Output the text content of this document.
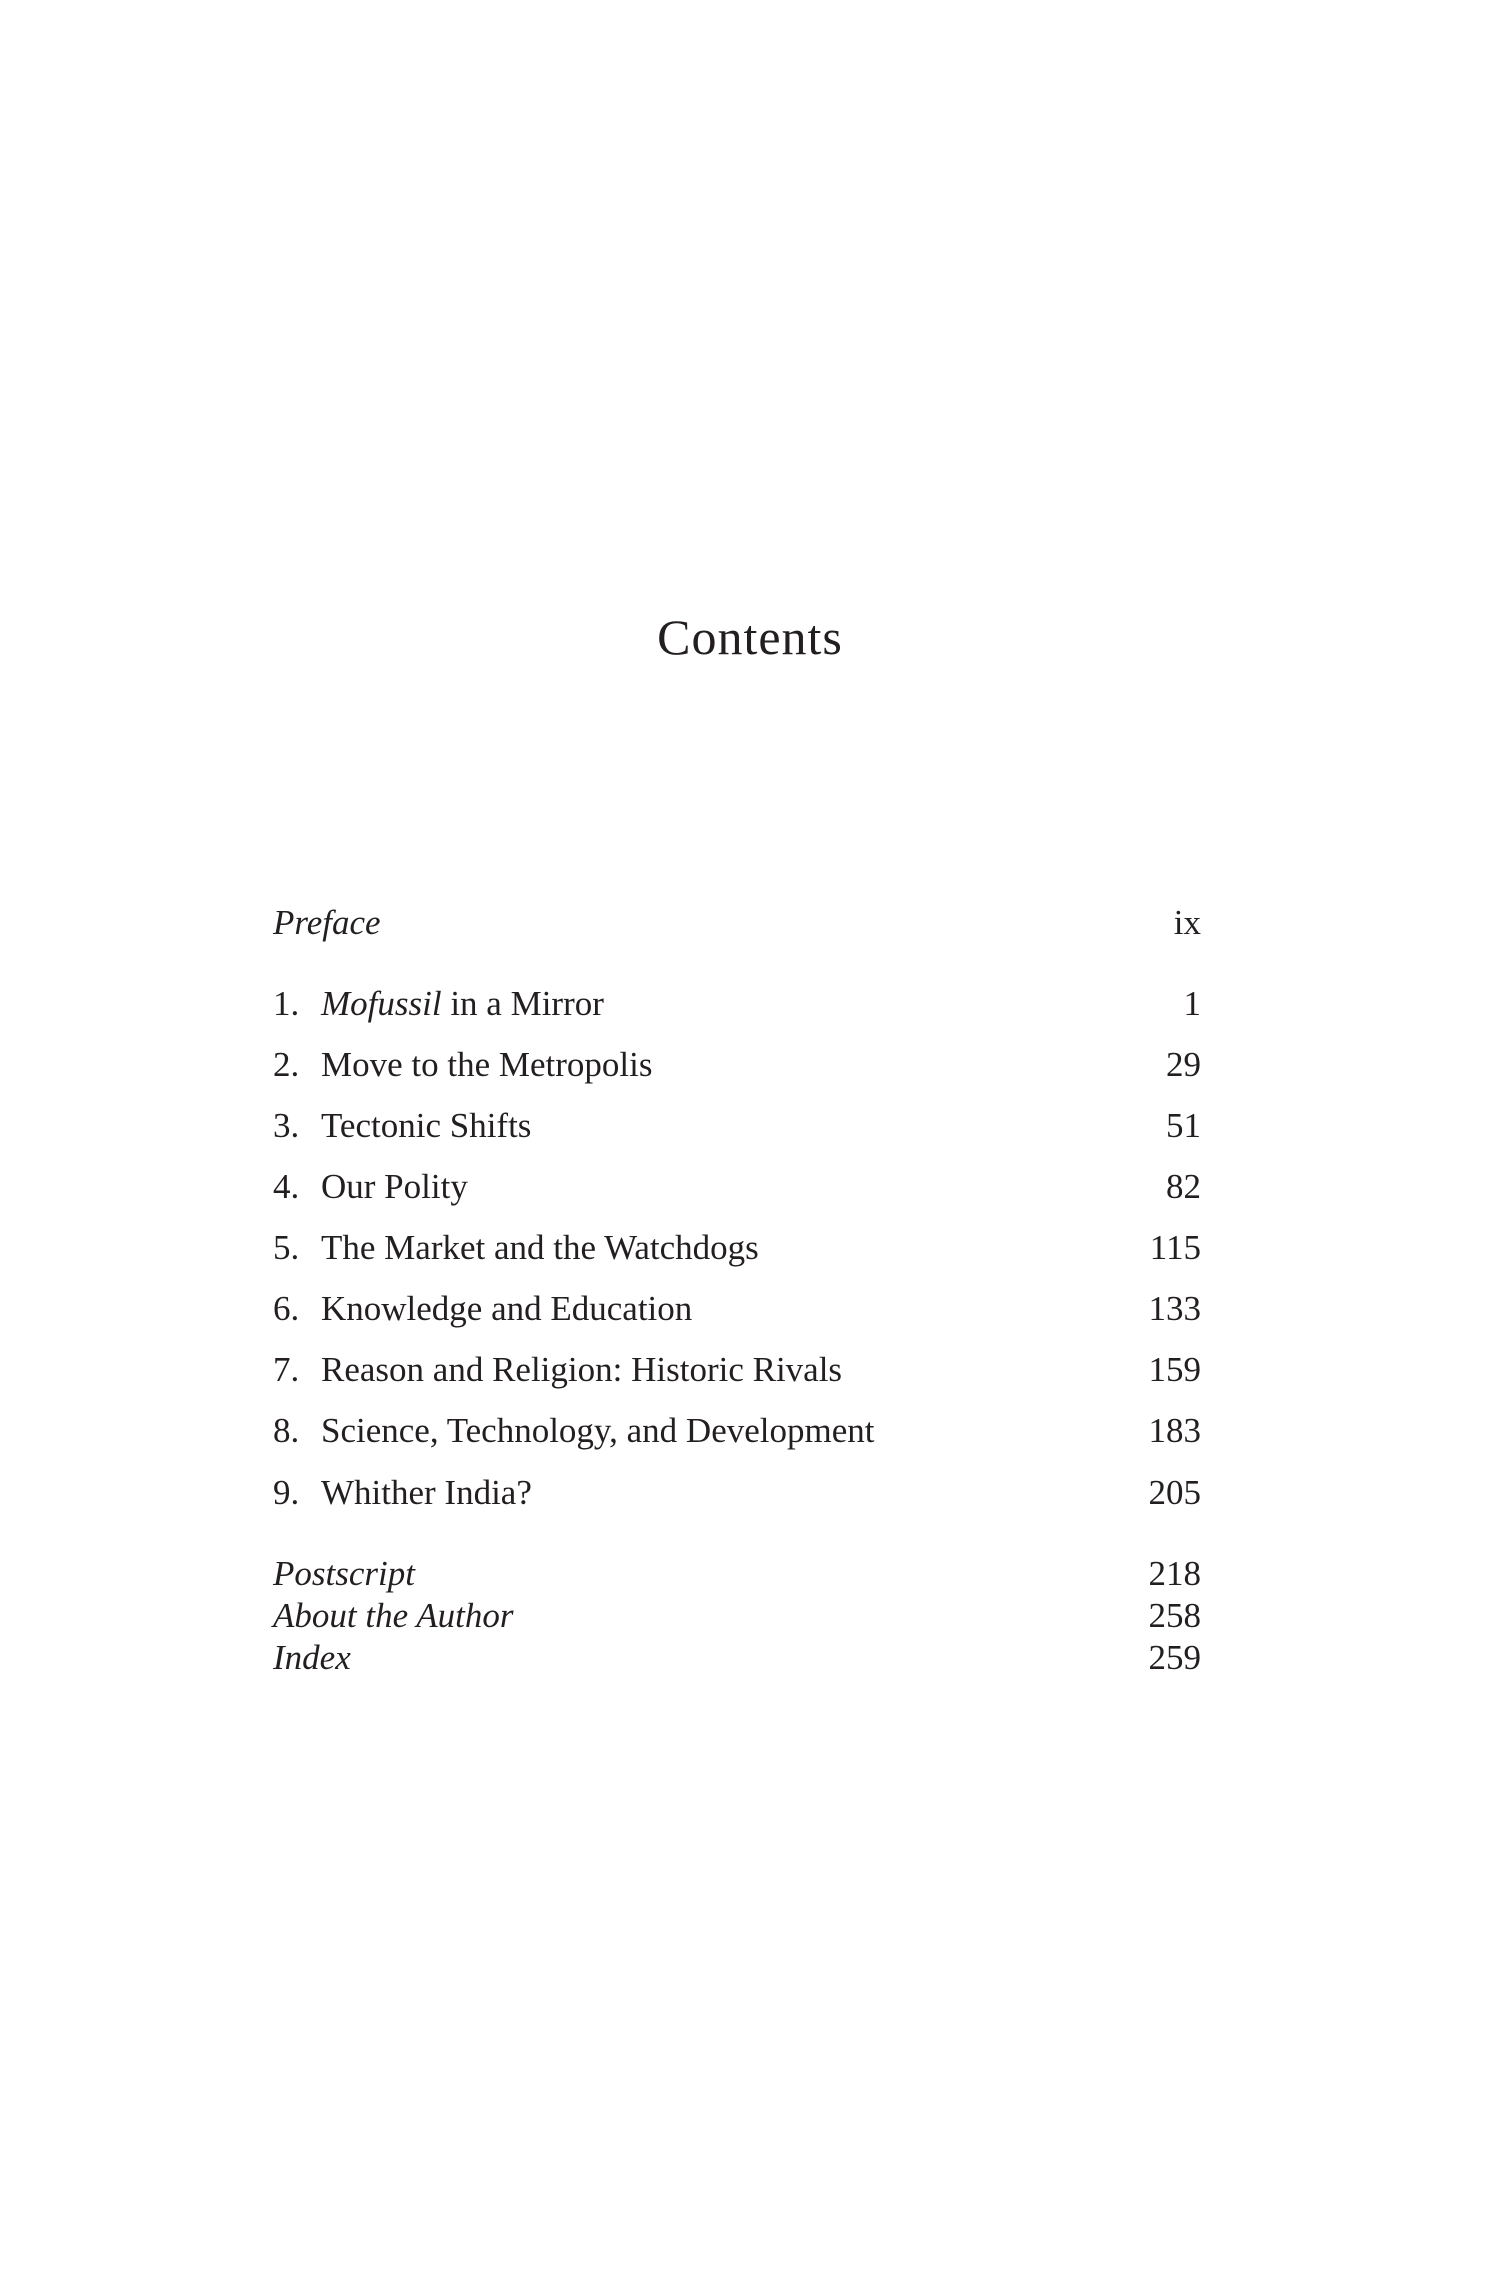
Contents
Preface	ix
1. Mofussil in a Mirror	1
2. Move to the Metropolis	29
3. Tectonic Shifts	51
4. Our Polity	82
5. The Market and the Watchdogs	115
6. Knowledge and Education	133
7. Reason and Religion: Historic Rivals	159
8. Science, Technology, and Development	183
9. Whither India?	205
Postscript	218
About the Author	258
Index	259
